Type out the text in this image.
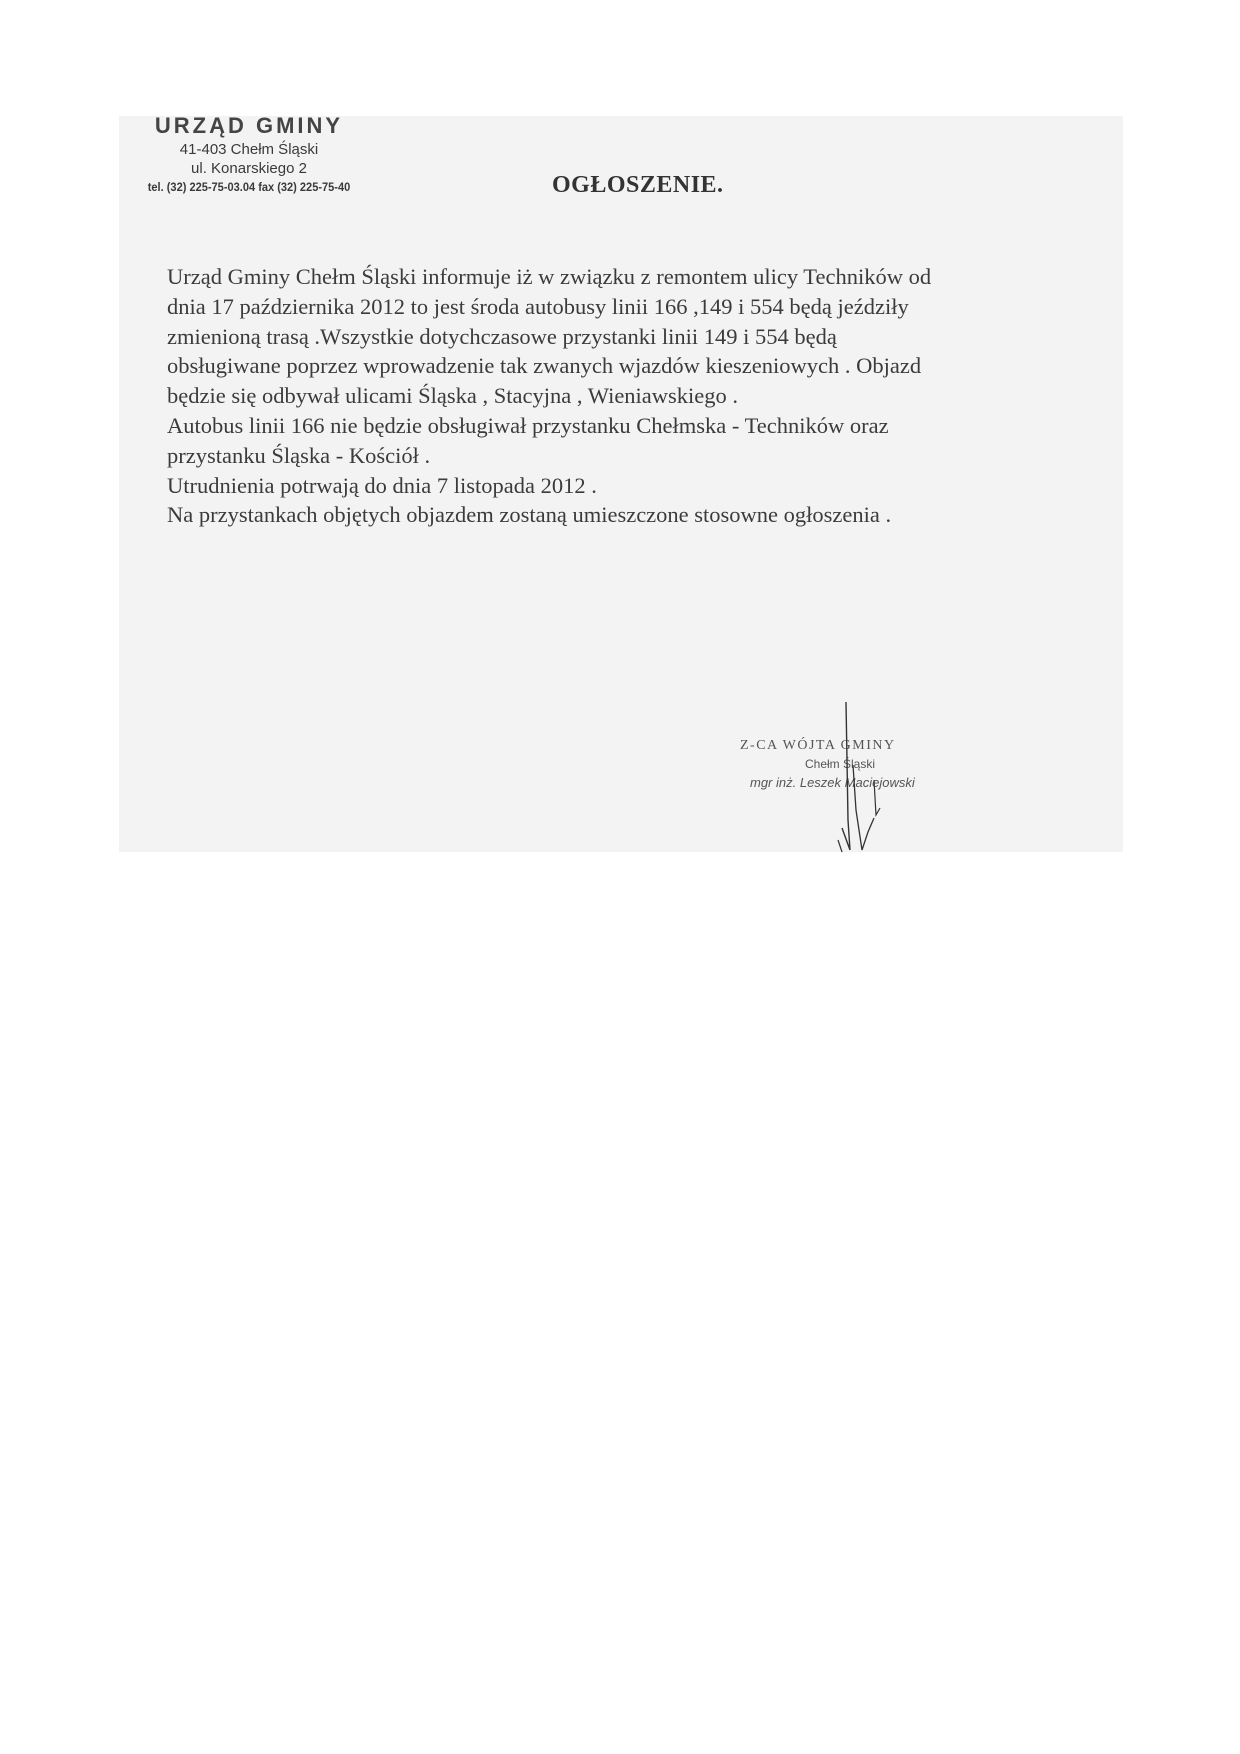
URZĄD GMINY
41-403 Chełm Śląski
ul. Konarskiego 2
tel. (32) 225-75-03.04 fax (32) 225-75-40	OGŁOSZENIE.
Urząd Gminy Chełm Śląski informuje iż w związku z remontem ulicy Techników od
dnia 17 października 2012 to jest środa autobusy linii 166 ,149 i 554 będą jeździły
zmienioną trasą .Wszystkie dotychczasowe przystanki linii 149 i 554 będą
obsługiwane poprzez wprowadzenie tak zwanych wjazdów kieszeniowych . Objazd
będzie się odbywał ulicami Śląska , Stacyjna , Wieniawskiego .
Autobus linii 166 nie będzie obsługiwał przystanku Chełmska - Techników oraz
przystanku Śląska - Kościół .
Utrudnienia potrwają do dnia 7 listopada 2012 .
Na przystankach objętych objazdem zostaną umieszczone stosowne ogłoszenia .
Z-CA WÓJTA GMINY
Chełm Śląski
mgr inż. Leszek Maciejowski
